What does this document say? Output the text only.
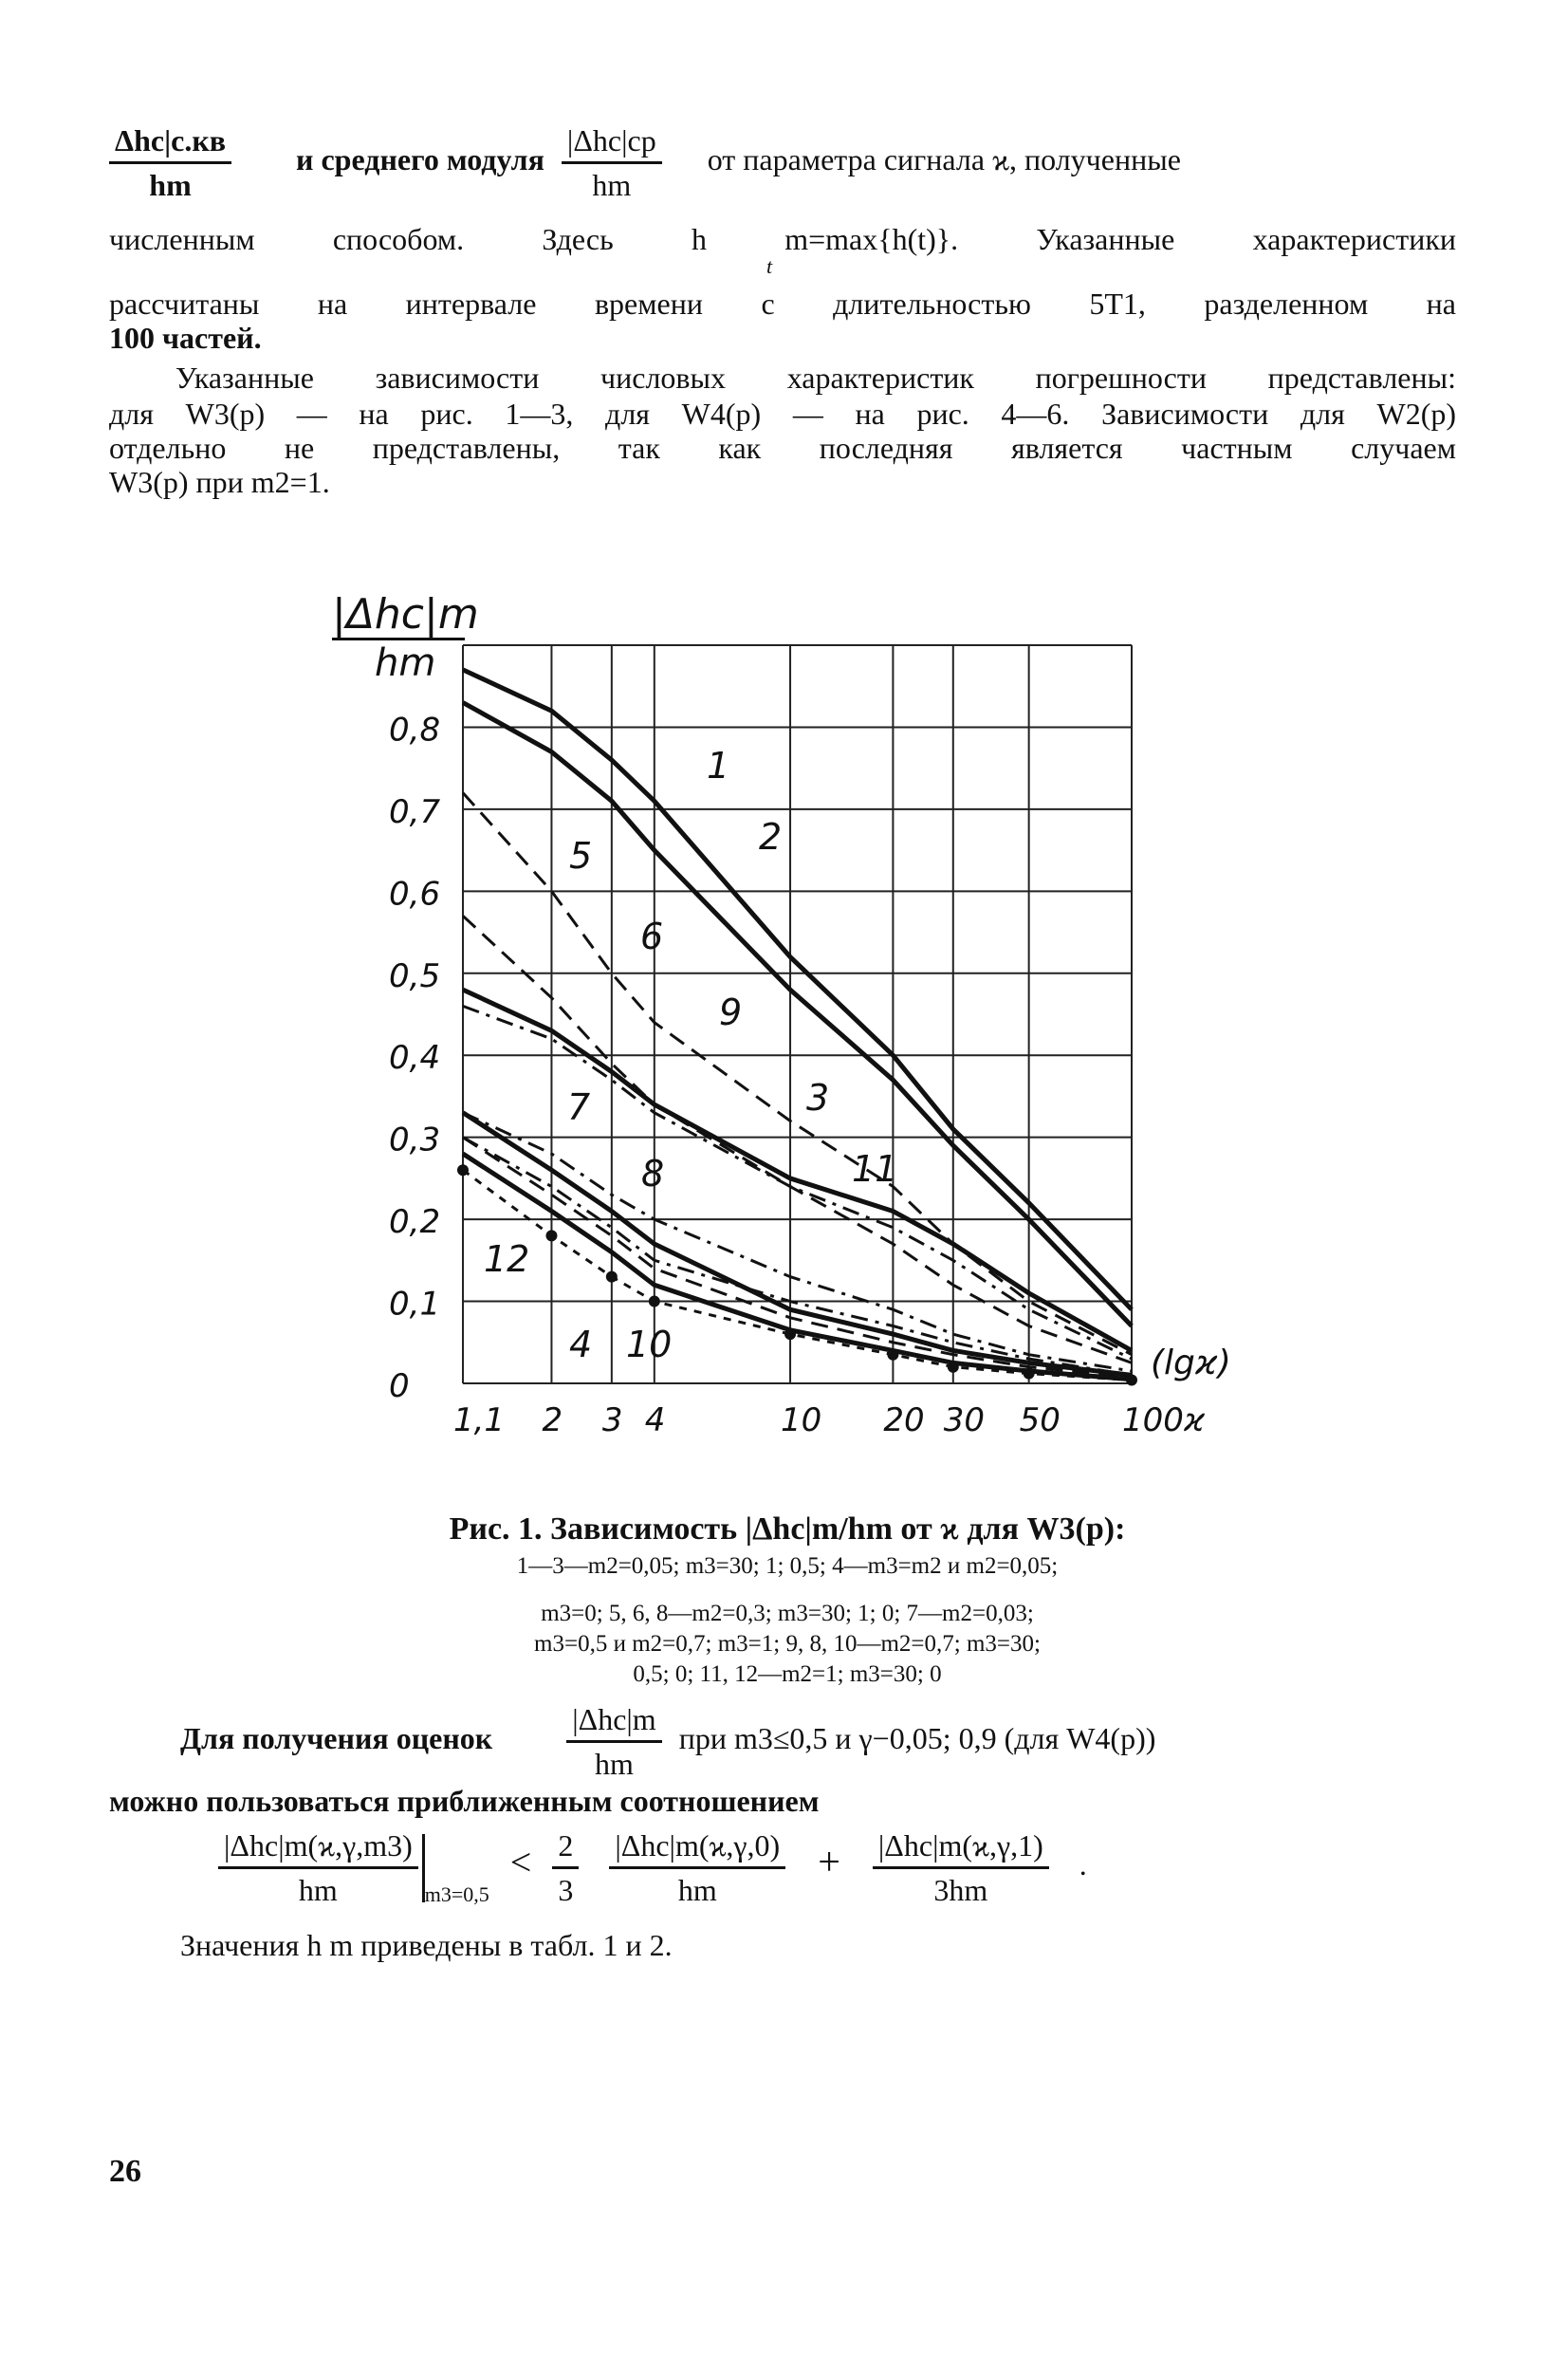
$\frac{\text{Δhc|c.кв}}{hm}$ и среднего модуля $\frac{\text{|Δhc|cp}}{hm}$ от параметра сигнала ϰ, полученные
численным способом. Здесь h m=max{h(t)}. Указанные характеристики
t
рассчитаны на интервале времени с длительностью 5T1, разделенном на
100 частей.
Указанные зависимости числовых характеристик погрешности представлены:
для W3(p) — на рис. 1—3, для W4(p) — на рис. 4—6. Зависимости для W2(p)
отдельно не представлены, так как последняя является частным случаем
W3(p) при m2=1.
1,1 2 3 4	10 20 30 50 100ϰ
0
0,1
0,2
0,3
0,4
0,5
0,6
0,7
0,8
(lgϰ)
1
2
3
4
5
6
7
8
9
10
11
12
|Δhc|m
hm
Рис. 1. Зависимость |Δhc|m/hm от ϰ для W3(p):
1—3—m2=0,05; m3=30; 1; 0,5; 4—m3=m2 и m2=0,05;
m3=0; 5, 6, 8—m2=0,3; m3=30; 1; 0; 7—m2=0,03;
m3=0,5 и m2=0,7; m3=1; 9, 8, 10—m2=0,7; m3=30;
0,5; 0; 11, 12—m2=1; m3=30; 0
Для получения оценок $\frac{\text{|Δhc|m}}{hm}$ при m3≤0,5 и γ−0,05; 0,9 (для W4(p))
можно пользоваться приближенным соотношением
$\frac{\text{|Δhc|m(ϰ,γ,m3)}}{hm} _{m3=0,5} < \frac{2}{3}$
$\frac{\text{|Δhc|m(ϰ,γ,0)}}{hm} + \frac{\text{|Δhc|m(ϰ,γ,1)}}{3hm}$ .
Значения h m приведены в табл. 1 и 2.
26
